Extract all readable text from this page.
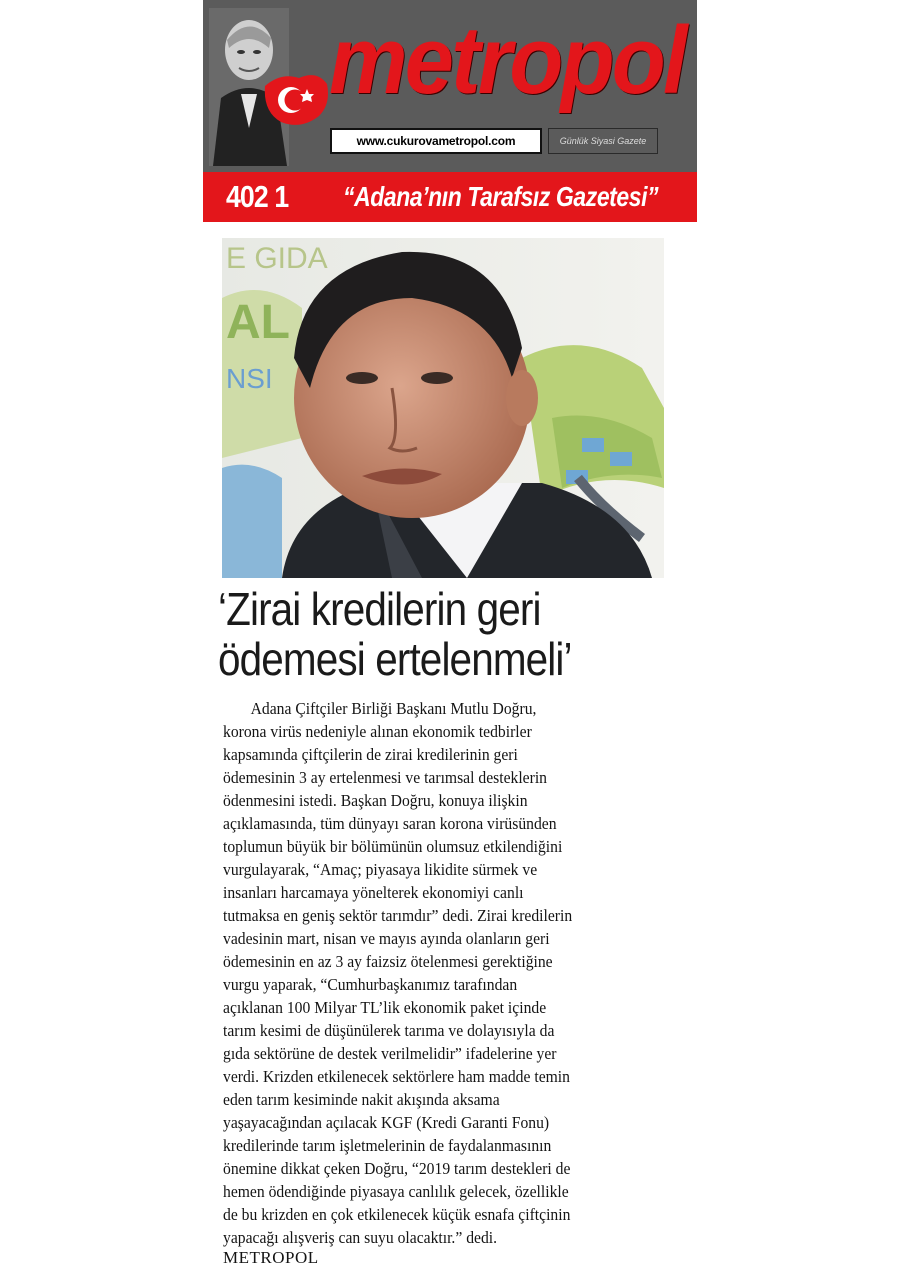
metropol
www.cukurovametropol.com	Günlük Siyasi Gazete
402 1	“Adana’nın Tarafsız Gazetesi”
E GIDA
AL
NSI
‘Zirai kredilerin geri
ödemesi ertelenmeli’
Adana Çiftçiler Birliği Başkanı Mutlu Doğru,
korona virüs nedeniyle alınan ekonomik tedbirler
kapsamında çiftçilerin de zirai kredilerinin geri
ödemesinin 3 ay ertelenmesi ve tarımsal desteklerin
ödenmesini istedi. Başkan Doğru, konuya ilişkin
açıklamasında, tüm dünyayı saran korona virüsünden
toplumun büyük bir bölümünün olumsuz etkilendiğini
vurgulayarak, “Amaç; piyasaya likidite sürmek ve
insanları harcamaya yönelterek ekonomiyi canlı
tutmaksa en geniş sektör tarımdır” dedi. Zirai kredilerin
vadesinin mart, nisan ve mayıs ayında olanların geri
ödemesinin en az 3 ay faizsiz ötelenmesi gerektiğine
vurgu yaparak, “Cumhurbaşkanımız tarafından
açıklanan 100 Milyar TL’lik ekonomik paket içinde
tarım kesimi de düşünülerek tarıma ve dolayısıyla da
gıda sektörüne de destek verilmelidir” ifadelerine yer
verdi. Krizden etkilenecek sektörlere ham madde temin
eden tarım kesiminde nakit akışında aksama
yaşayacağından açılacak KGF (Kredi Garanti Fonu)
kredilerinde tarım işletmelerinin de faydalanmasının
önemine dikkat çeken Doğru, “2019 tarım destekleri de
hemen ödendiğinde piyasaya canlılık gelecek, özellikle
de bu krizden en çok etkilenecek küçük esnafa çiftçinin
yapacağı alışveriş can suyu olacaktır.” dedi.
METROPOL
